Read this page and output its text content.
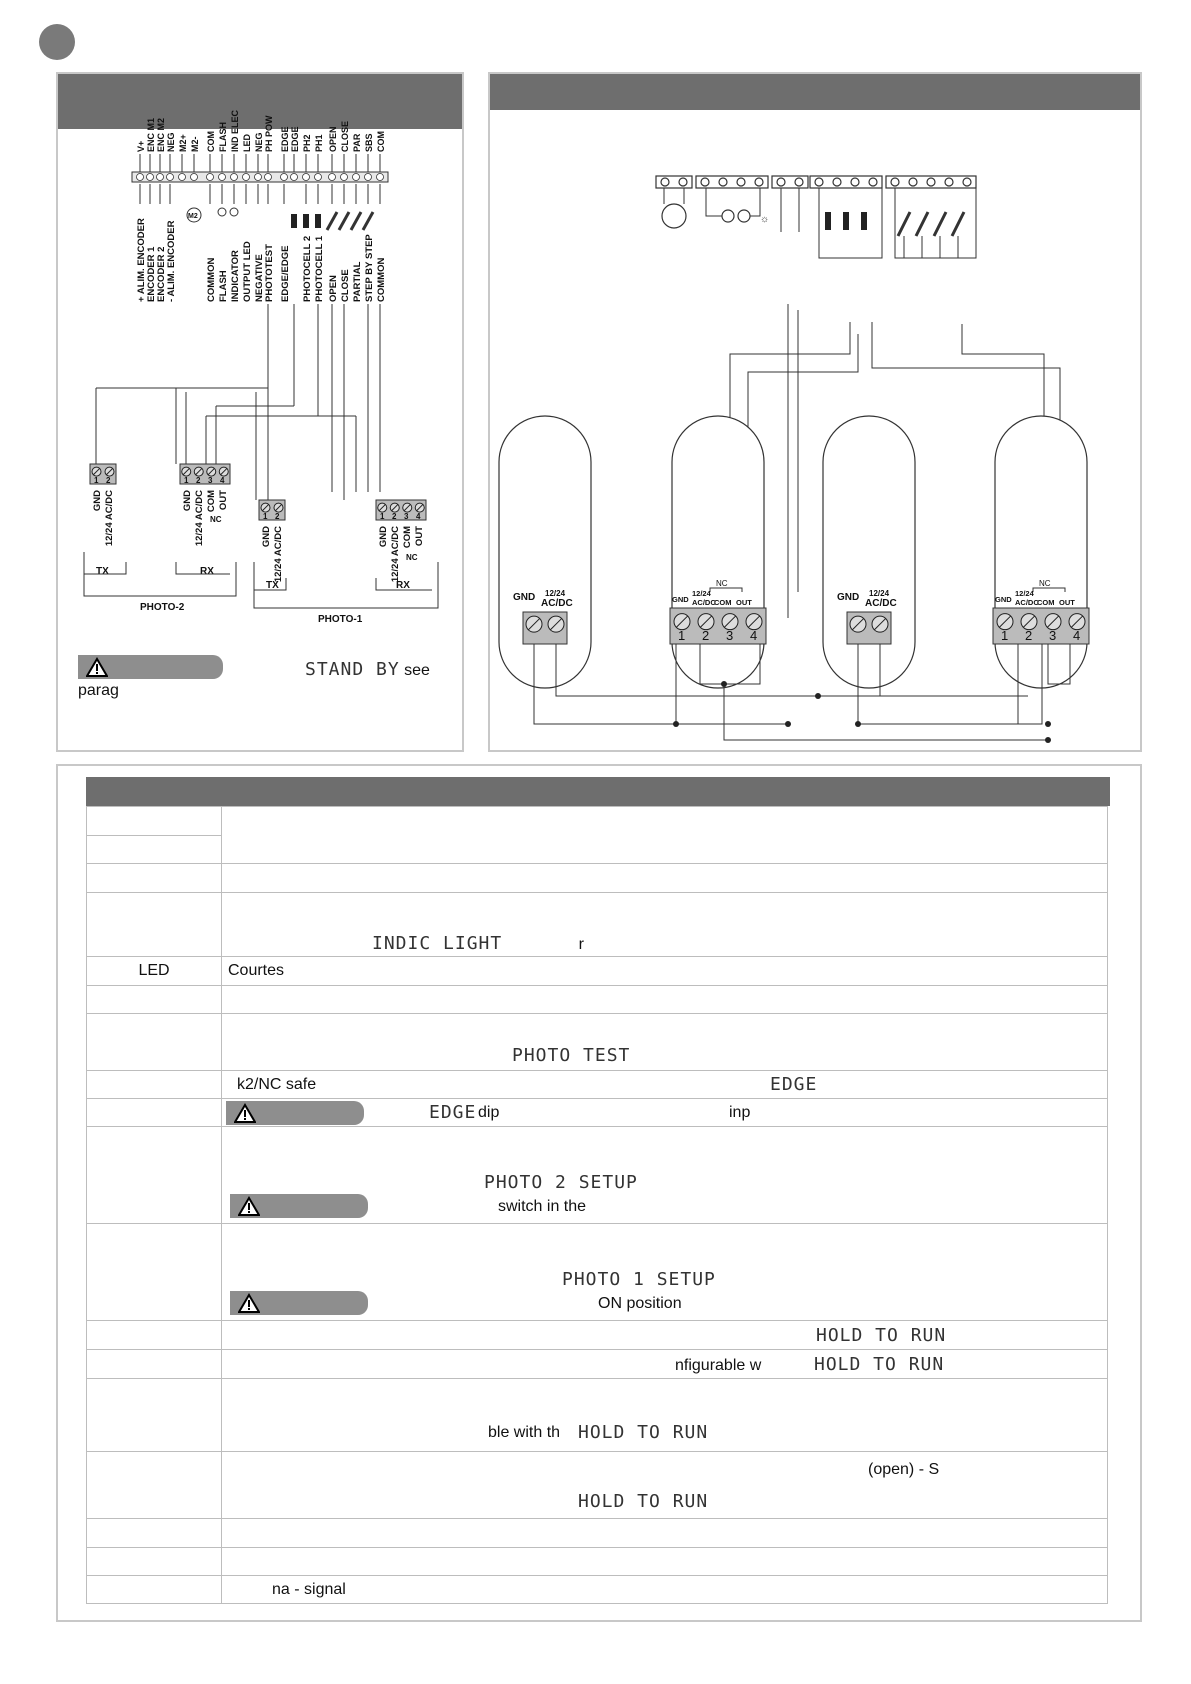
V+ ENC M1 ENC M2 NEG M2+ M2- COM FLASH IND ELEC LED NEG PH POW EDGE EDGE PH2 PH1 OPEN CLOSE PAR SBS COM
+ ALIM. ENCODER ENCODER 1 ENCODER 2 - ALIM. ENCODER	COMMON FLASH INDICATOR OUTPUT LED NEGATIVE PHOTOTEST EDGE/EDGE PHOTOCELL 2 PHOTOCELL 1 OPEN CLOSE PARTIAL STEP BY STEP COMMON
M2
1 2
GND 12/24 AC/DC
1 2 3 4
GND 12/24 AC/DC COM OUT
NC	1 2
GND 12/24 AC/DC
1 2 3 4
GND 12/24 AC/DC COM OUT
NC
TX	RX
PHOTO-2
TX	RX
PHOTO-1
parag
STAND BY see
☼
GND 12/24
AC/DC
GND 12/24
AC/DC
NC
GND
12/24
AC/DC
COM OUT
1 2 3 4
NC
GND
12/24
AC/DC
COM OUT
1 2 3 4

	INDIC LIGHT r

LED	Courtes

	PHOTO TEST

	k2/NC safe EDGE

	EDGE dip inp

	PHOTO 2 SETUP
switch in the

	PHOTO 1 SETUP
ON position

	HOLD TO RUN

	nfigurable w HOLD TO RUN

	ble with th HOLD TO RUN

	(open) - S
HOLD TO RUN

	na - signal
